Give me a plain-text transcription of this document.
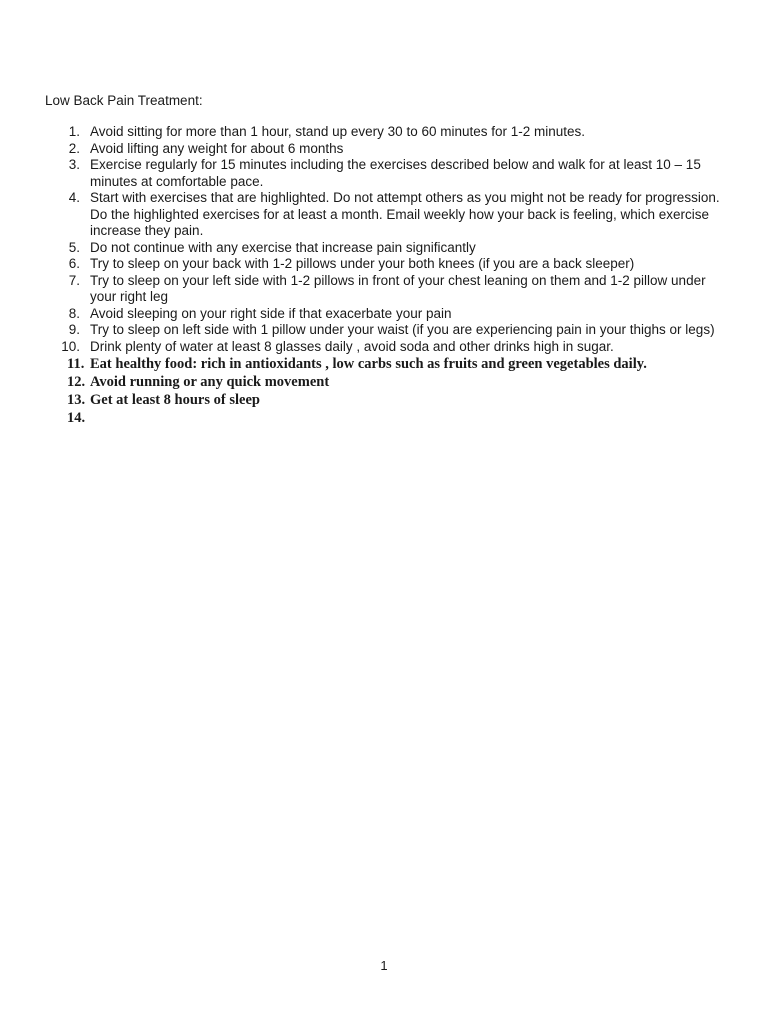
Low Back Pain Treatment:
1. Avoid sitting for more than 1 hour, stand up every 30 to 60 minutes for 1-2 minutes.
2. Avoid lifting any weight for about 6 months
3. Exercise regularly for 15 minutes including the exercises described below and walk for at least 10 – 15 minutes at comfortable pace.
4. Start with exercises that are highlighted. Do not attempt others as you might not be ready for progression. Do the highlighted exercises for at least a month. Email weekly how your back is feeling, which exercise increase they pain.
5. Do not continue with any exercise that increase pain significantly
6. Try to sleep on your back with 1-2 pillows under your both knees (if you are a back sleeper)
7. Try to sleep on your left side with 1-2 pillows in front of your chest leaning on them and 1-2 pillow under your right leg
8. Avoid sleeping on your right side if that exacerbate your pain
9. Try to sleep on left side with 1 pillow under your waist (if you are experiencing pain in your thighs or legs)
10. Drink plenty of water at least 8 glasses daily , avoid soda and other drinks high in sugar.
11. Eat healthy food: rich in antioxidants , low carbs such as fruits and green vegetables daily.
12. Avoid running or any quick movement
13. Get at least 8 hours of sleep
14.
1
